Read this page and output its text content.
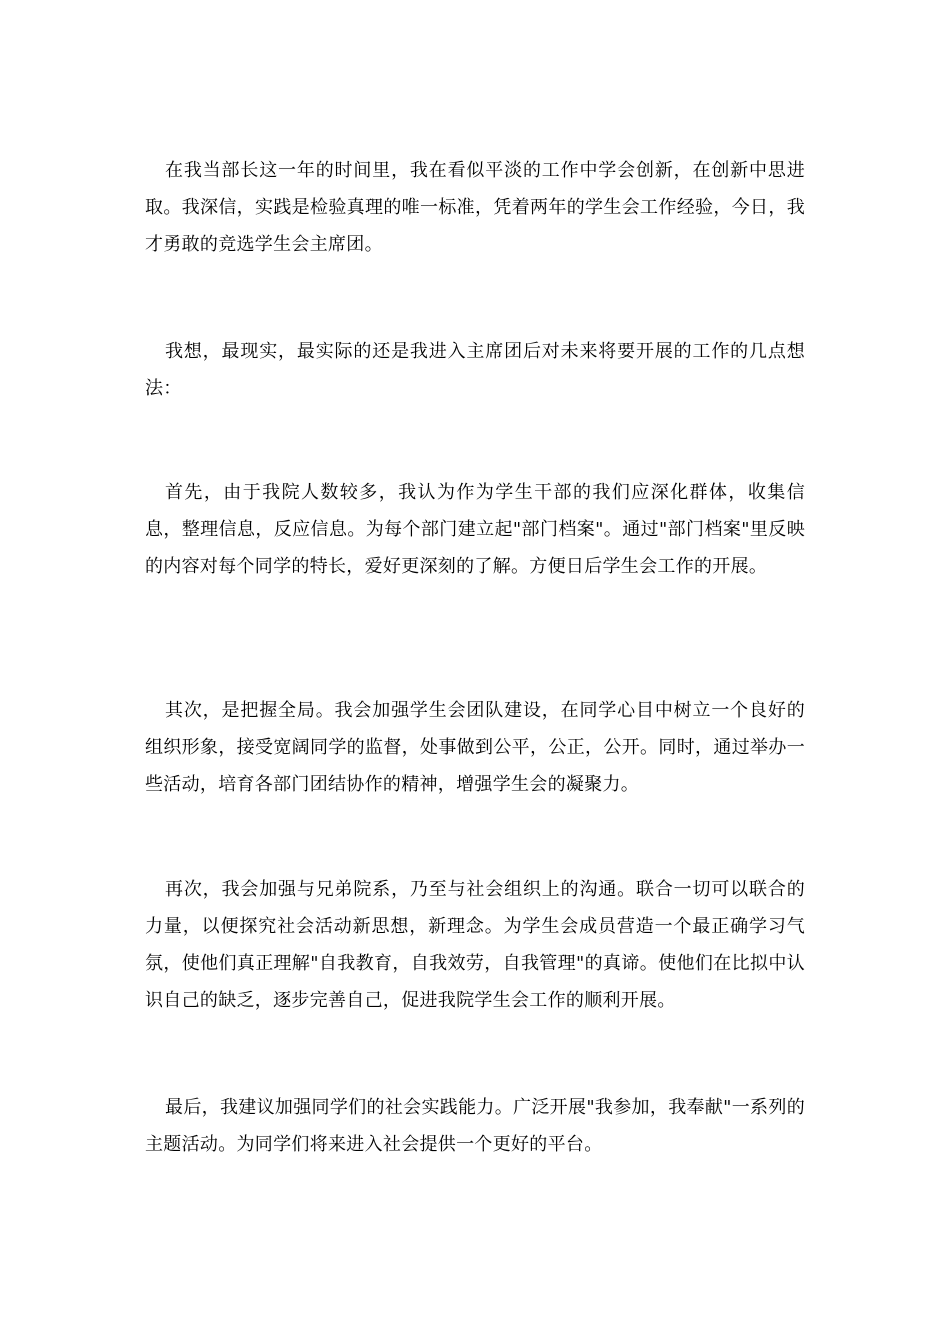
在我当部长这一年的时间里，我在看似平淡的工作中学会创新，在创新中思进取。我深信，实践是检验真理的唯一标准，凭着两年的学生会工作经验，今日，我才勇敢的竞选学生会主席团。

我想，最现实，最实际的还是我进入主席团后对未来将要开展的工作的几点想法：

首先，由于我院人数较多，我认为作为学生干部的我们应深化群体，收集信息，整理信息，反应信息。为每个部门建立起"部门档案"。通过"部门档案"里反映的内容对每个同学的特长，爱好更深刻的了解。方便日后学生会工作的开展。

其次，是把握全局。我会加强学生会团队建设，在同学心目中树立一个良好的组织形象，接受宽阔同学的监督，处事做到公平，公正，公开。同时，通过举办一些活动，培育各部门团结协作的精神，增强学生会的凝聚力。

再次，我会加强与兄弟院系，乃至与社会组织上的沟通。联合一切可以联合的力量，以便探究社会活动新思想，新理念。为学生会成员营造一个最正确学习气氛，使他们真正理解"自我教育，自我效劳，自我管理"的真谛。使他们在比拟中认识自己的缺乏，逐步完善自己，促进我院学生会工作的顺利开展。

最后，我建议加强同学们的社会实践能力。广泛开展"我参加，我奉献"一系列的主题活动。为同学们将来进入社会提供一个更好的平台。
